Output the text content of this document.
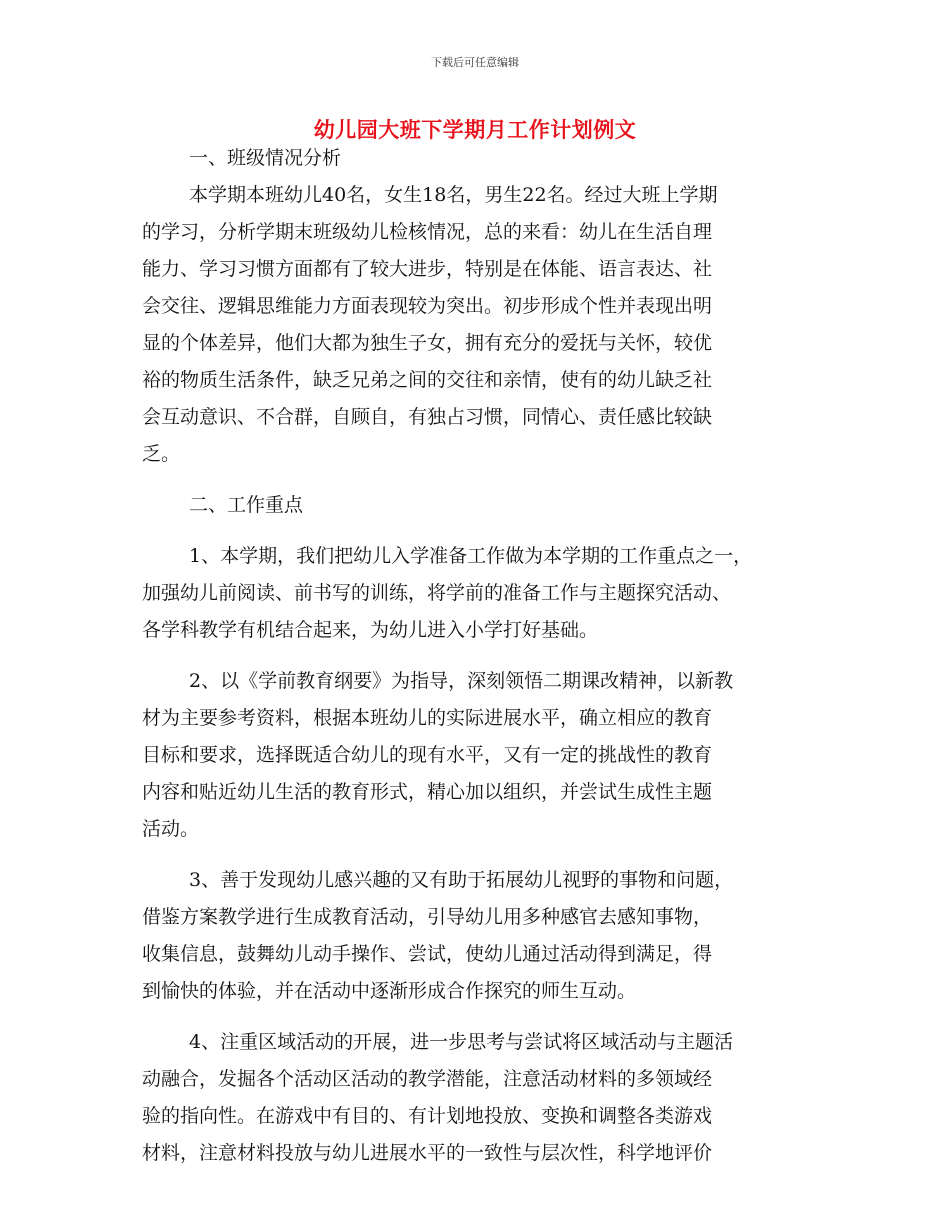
下载后可任意编辑
幼儿园大班下学期月工作计划例文
一、班级情况分析
本学期本班幼儿40名，女生18名，男生22名。经过大班上学期
的学习，分析学期末班级幼儿检核情况，总的来看：幼儿在生活自理
能力、学习习惯方面都有了较大进步，特别是在体能、语言表达、社
会交往、逻辑思维能力方面表现较为突出。初步形成个性并表现出明
显的个体差异，他们大都为独生子女，拥有充分的爱抚与关怀，较优
裕的物质生活条件，缺乏兄弟之间的交往和亲情，使有的幼儿缺乏社
会互动意识、不合群，自顾自，有独占习惯，同情心、责任感比较缺
乏。
二、工作重点
1、本学期，我们把幼儿入学准备工作做为本学期的工作重点之一，
加强幼儿前阅读、前书写的训练，将学前的准备工作与主题探究活动、
各学科教学有机结合起来，为幼儿进入小学打好基础。
2、以《学前教育纲要》为指导，深刻领悟二期课改精神，以新教
材为主要参考资料，根据本班幼儿的实际进展水平，确立相应的教育
目标和要求，选择既适合幼儿的现有水平，又有一定的挑战性的教育
内容和贴近幼儿生活的教育形式，精心加以组织，并尝试生成性主题
活动。
3、善于发现幼儿感兴趣的又有助于拓展幼儿视野的事物和问题，
借鉴方案教学进行生成教育活动，引导幼儿用多种感官去感知事物，
收集信息，鼓舞幼儿动手操作、尝试，使幼儿通过活动得到满足，得
到愉快的体验，并在活动中逐渐形成合作探究的师生互动。
4、注重区域活动的开展，进一步思考与尝试将区域活动与主题活
动融合，发掘各个活动区活动的教学潜能，注意活动材料的多领域经
验的指向性。在游戏中有目的、有计划地投放、变换和调整各类游戏
材料，注意材料投放与幼儿进展水平的一致性与层次性，科学地评价
